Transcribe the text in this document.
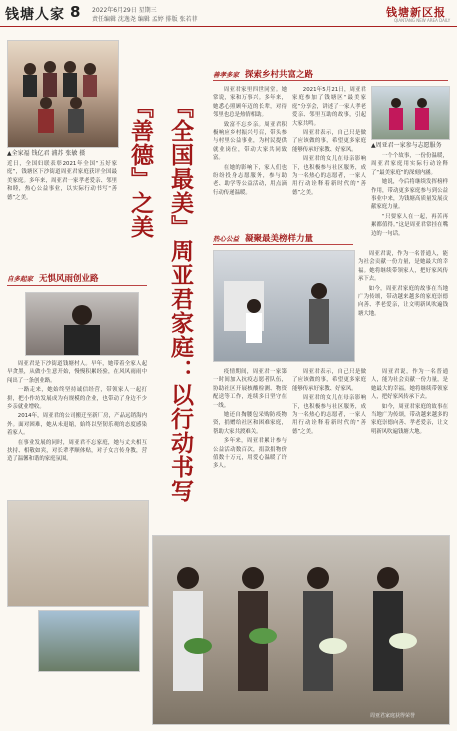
钱塘人家 8 2022年6月29日 星期三
责任编辑 沈逸尧 编辑 孟婷 排版 张若菲
钱塘新区报
QIANTANG NEW AREA DAILY
▲全家福 钱亿君 浦苏 张敏 摄
近日，全国妇联表彰2021年全国“五好家庭”，钱塘区下沙街道周亚君家庭获评全国最美家庭。多年来，周亚君一家孝老爱亲、邻里和睦，热心公益事业，以实际行动书写“善德”之美。	『全国最美』周亚君家庭：以行动书写『善德』之美
自多起家 无惧风雨创业路

周亚君是下沙街道钱塘村人。早年，她带着全家人起早贪黑，从做小生意开始，慢慢积累经验，在风风雨雨中闯出了一条创业路。

一路走来，她始终坚持诚信经营，带领家人一起打拼，把小作坊发展成为有规模的企业，也带动了身边不少乡亲就业增收。

2014年，周亚君的公司搬迁至新厂房，产品远销海内外。面对困难，她从未退缩，始终以坚韧乐观的态度感染着家人。

在事业发展的同时，周亚君不忘家庭，她与丈夫相互扶持、相敬如宾，对长辈孝顺体贴，对子女言传身教，营造了温馨和谐的家庭氛围。

善孝多家 探索乡村共富之路

周亚君家里四世同堂。她常说，家和万事兴。多年来，她悉心照顾年迈的长辈，对待邻里也总是热情相助。

致富不忘乡亲。周亚君积极响应乡村振兴号召，带头参与村里公益事业，为村民提供就业岗位，带动大家共同致富。

在她的影响下，家人们也纷纷投身志愿服务，参与助老、助学等公益活动，用点滴行动传递温暖。

2021年5月21日，周亚君家庭参加了钱塘区“最美家庭”分享会，讲述了一家人孝老爱亲、邻里互助的故事，引起大家共鸣。

周亚君表示，自己只是做了应该做的事，希望更多家庭能够传承好家教、好家风。

周亚君的女儿在母亲影响下，也积极参与社区服务，成为一名热心的志愿者，一家人用行动诠释着新时代的“善德”之美。

▲周亚君一家参与志愿服务

一个个故事，一份份温暖，周亚君家庭用实际行动诠释了“最美家庭”的深刻内涵。

她说，今后将继续发挥榜样作用，带动更多家庭参与到公益事业中来，为钱塘高质量发展贡献家庭力量。

“只要家人在一起，再苦再累都值得。”这是周亚君常挂在嘴边的一句话。

热心公益 凝聚最美榜样力量

周亚君说，作为一名普通人，能为社会贡献一份力量，是她最大的幸福。她将继续带领家人，把好家风传承下去。

如今，周亚君家庭的故事在当地广为传颂，带动越来越多的家庭崇德向善、孝老爱亲，让文明新风吹遍钱塘大地。

疫情期间，周亚君一家第一时间加入抗疫志愿者队伍，协助社区开展核酸检测、物资配送等工作，连续多日坚守在一线。

她还自掏腰包采购防疫物资，捐赠给社区和困难家庭，帮助大家共渡难关。

多年来，周亚君累计参与公益活动数百次，捐款捐物价值数十万元，用爱心温暖了许多人。

周亚君表示，自己只是做了应该做的事，希望更多家庭能够传承好家教、好家风。

周亚君的女儿在母亲影响下，也积极参与社区服务，成为一名热心的志愿者，一家人用行动诠释着新时代的“善德”之美。

周亚君说，作为一名普通人，能为社会贡献一份力量，是她最大的幸福。她将继续带领家人，把好家风传承下去。

如今，周亚君家庭的故事在当地广为传颂，带动越来越多的家庭崇德向善、孝老爱亲，让文明新风吹遍钱塘大地。

周亚君家庭获得荣誉
